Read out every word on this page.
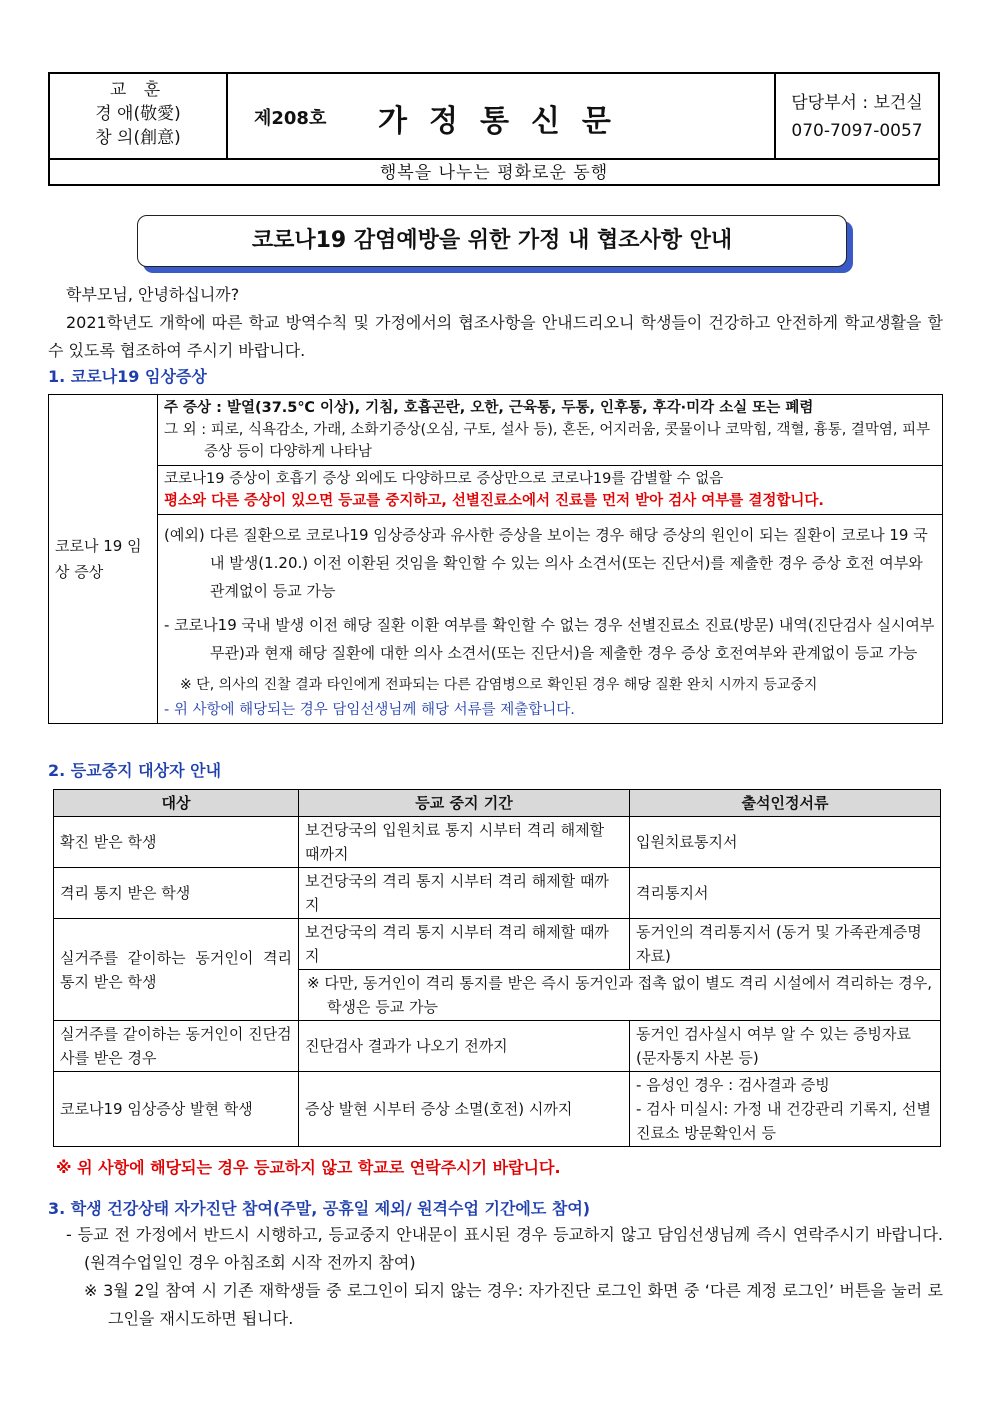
교 훈
경 애(敬愛)
창 의(創意)
제208호 가정통신문
담당부서 : 보건실
070-7097-0057
행복을 나누는 평화로운 동행
코로나19 감염예방을 위한 가정 내 협조사항 안내
학부모님, 안녕하십니까?
2021학년도 개학에 따른 학교 방역수칙 및 가정에서의 협조사항을 안내드리오니 학생들이 건강하고 안전하게 학교생활을 할 수 있도록 협조하여 주시기 바랍니다.
1. 코로나19 임상증상
코로나 19 임상 증상	
주 증상 : 발열(37.5℃ 이상), 기침, 호흡곤란, 오한, 근육통, 두통, 인후통, 후각·미각 소실 또는 폐렴
그 외 : 피로, 식욕감소, 가래, 소화기증상(오심, 구토, 설사 등), 혼돈, 어지러움, 콧물이나 코막힘, 객혈, 흉통, 결막염, 피부 증상 등이 다양하게 나타남

코로나19 증상이 호흡기 증상 외에도 다양하므로 증상만으로 코로나19를 감별할 수 없음
평소와 다른 증상이 있으면 등교를 중지하고, 선별진료소에서 진료를 먼저 받아 검사 여부를 결정합니다.

(예외) 다른 질환으로 코로나19 임상증상과 유사한 증상을 보이는 경우 해당 증상의 원인이 되는 질환이 코로나 19 국내 발생(1.20.) 이전 이환된 것임을 확인할 수 있는 의사 소견서(또는 진단서)를 제출한 경우 증상 호전 여부와 관계없이 등교 가능
- 코로나19 국내 발생 이전 해당 질환 이환 여부를 확인할 수 없는 경우 선별진료소 진료(방문) 내역(진단검사 실시여부 무관)과 현재 해당 질환에 대한 의사 소견서(또는 진단서)을 제출한 경우 증상 호전여부와 관계없이 등교 가능
※ 단, 의사의 진찰 결과 타인에게 전파되는 다른 감염병으로 확인된 경우 해당 질환 완치 시까지 등교중지
- 위 사항에 해당되는 경우 담임선생님께 해당 서류를 제출합니다.
2. 등교중지 대상자 안내
대상	등교 중지 기간	출석인정서류
확진 받은 학생	보건당국의 입원치료 통지 시부터 격리 해제할 때까지	입원치료통지서
격리 통지 받은 학생	보건당국의 격리 통지 시부터 격리 해제할 때까지	격리통지서
실거주를 같이하는 동거인이 격리 통지 받은 학생	보건당국의 격리 통지 시부터 격리 해제할 때까지	동거인의 격리통지서 (동거 및 가족관계증명 자료)
	※ 다만, 동거인이 격리 통지를 받은 즉시 동거인과 접촉 없이 별도 격리 시설에서 격리하는 경우, 학생은 등교 가능	
실거주를 같이하는 동거인이 진단검사를 받은 경우	진단검사 결과가 나오기 전까지	동거인 검사실시 여부 알 수 있는 증빙자료 (문자통지 사본 등)
코로나19 임상증상 발현 학생	증상 발현 시부터 증상 소멸(호전) 시까지	- 음성인 경우 : 검사결과 증빙
- 검사 미실시: 가정 내 건강관리 기록지, 선별진료소 방문확인서 등
※ 위 사항에 해당되는 경우 등교하지 않고 학교로 연락주시기 바랍니다.
3. 학생 건강상태 자가진단 참여(주말, 공휴일 제외/ 원격수업 기간에도 참여)
- 등교 전 가정에서 반드시 시행하고, 등교중지 안내문이 표시된 경우 등교하지 않고 담임선생님께 즉시 연락주시기 바랍니다.(원격수업일인 경우 아침조회 시작 전까지 참여)
※ 3월 2일 참여 시 기존 재학생들 중 로그인이 되지 않는 경우: 자가진단 로그인 화면 중 ‘다른 계정 로그인’ 버튼을 눌러 로그인을 재시도하면 됩니다.
